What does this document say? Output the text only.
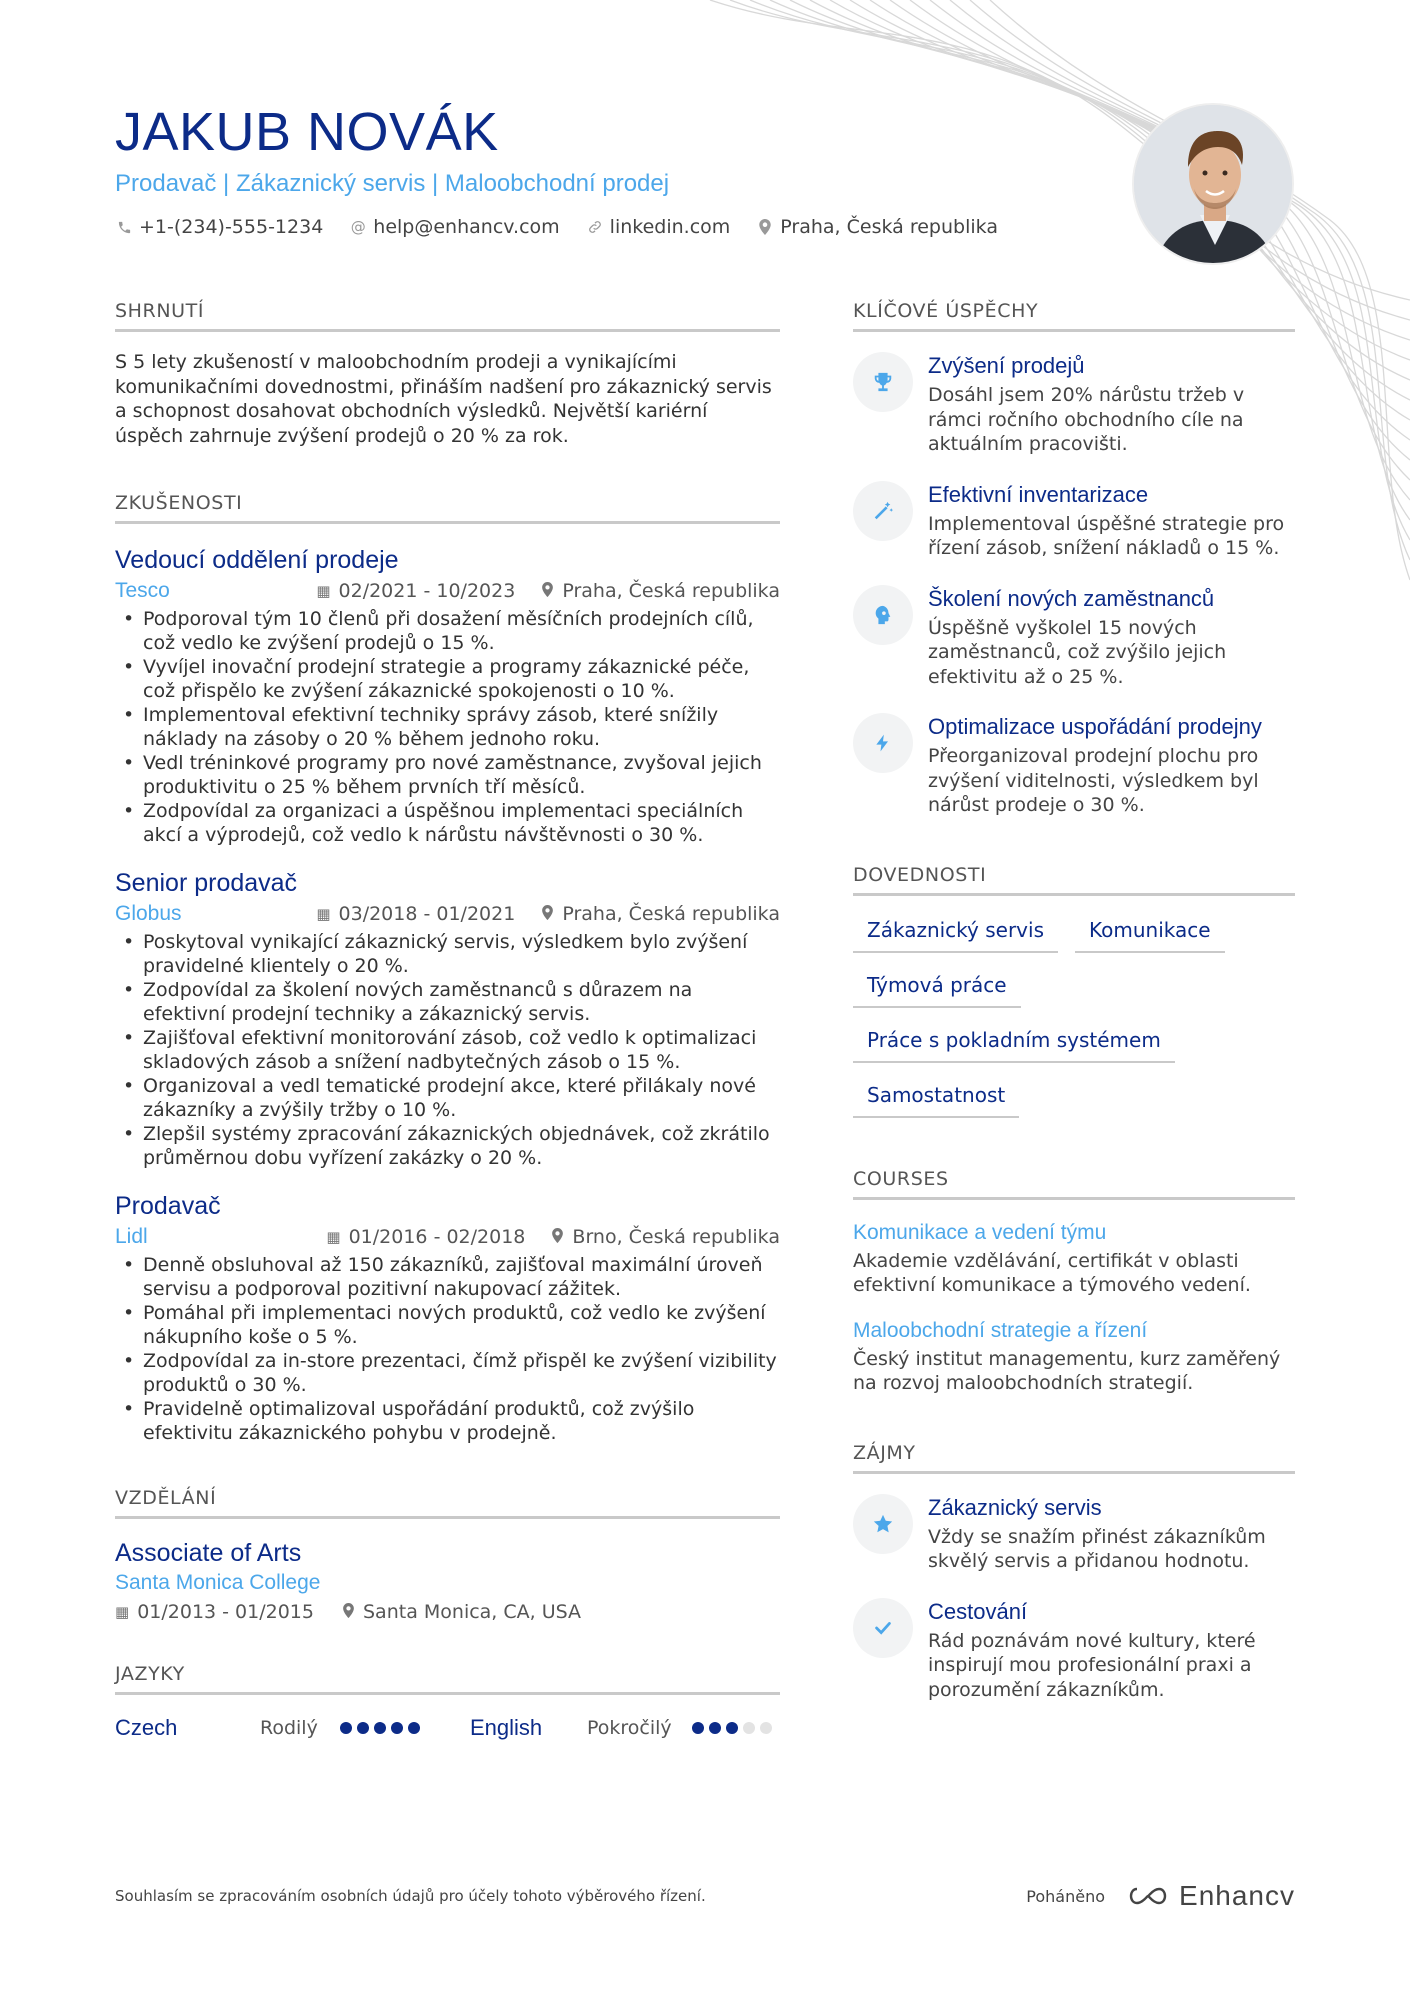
JAKUB NOVÁK
Prodavač | Zákaznický servis | Maloobchodní prodej
+1-(234)-555-1234 @ help@enhancv.com	linkedin.com	Praha, Česká republika
SHRNUTÍ
S 5 lety zkušeností v maloobchodním prodeji a vynikajícími komunikačními dovednostmi, přináším nadšení pro zákaznický servis a schopnost dosahovat obchodních výsledků. Největší kariérní úspěch zahrnuje zvýšení prodejů o 20 % za rok.
ZKUŠENOSTI
Vedoucí oddělení prodeje
Tesco	▦ 02/2021 - 10/2023 Praha, Česká republika
• Podporoval tým 10 členů při dosažení měsíčních prodejních cílů, což vedlo ke zvýšení prodejů o 15 %.
• Vyvíjel inovační prodejní strategie a programy zákaznické péče, což přispělo ke zvýšení zákaznické spokojenosti o 10 %.
• Implementoval efektivní techniky správy zásob, které snížily náklady na zásoby o 20 % během jednoho roku.
• Vedl tréninkové programy pro nové zaměstnance, zvyšoval jejich produktivitu o 25 % během prvních tří měsíců.
• Zodpovídal za organizaci a úspěšnou implementaci speciálních akcí a výprodejů, což vedlo k nárůstu návštěvnosti o 30 %.
Senior prodavač
Globus	▦ 03/2018 - 01/2021 Praha, Česká republika
• Poskytoval vynikající zákaznický servis, výsledkem bylo zvýšení pravidelné klientely o 20 %.
• Zodpovídal za školení nových zaměstnanců s důrazem na efektivní prodejní techniky a zákaznický servis.
• Zajišťoval efektivní monitorování zásob, což vedlo k optimalizaci skladových zásob a snížení nadbytečných zásob o 15 %.
• Organizoval a vedl tematické prodejní akce, které přilákaly nové zákazníky a zvýšily tržby o 10 %.
• Zlepšil systémy zpracování zákaznických objednávek, což zkrátilo průměrnou dobu vyřízení zakázky o 20 %.
Prodavač
Lidl	▦ 01/2016 - 02/2018 Brno, Česká republika
• Denně obsluhoval až 150 zákazníků, zajišťoval maximální úroveň servisu a podporoval pozitivní nakupovací zážitek.
• Pomáhal při implementaci nových produktů, což vedlo ke zvýšení nákupního koše o 5 %.
• Zodpovídal za in-store prezentaci, čímž přispěl ke zvýšení vizibility produktů o 30 %.
• Pravidelně optimalizoval uspořádání produktů, což zvýšilo efektivitu zákaznického pohybu v prodejně.
VZDĚLÁNÍ
Associate of Arts
Santa Monica College
▦ 01/2013 - 01/2015	Santa Monica, CA, USA
JAZYKY
Czech	Rodilý	English	Pokročilý
KLÍČOVÉ ÚSPĚCHY
Zvýšení prodejů
Dosáhl jsem 20% nárůstu tržeb v rámci ročního obchodního cíle na aktuálním pracovišti.
Efektivní inventarizace
Implementoval úspěšné strategie pro řízení zásob, snížení nákladů o 15 %.
Školení nových zaměstnanců
Úspěšně vyškolel 15 nových zaměstnanců, což zvýšilo jejich efektivitu až o 25 %.
Optimalizace uspořádání prodejny
Přeorganizoval prodejní plochu pro zvýšení viditelnosti, výsledkem byl nárůst prodeje o 30 %.
DOVEDNOSTI
Zákaznický servis	Komunikace
Týmová práce
Práce s pokladním systémem
Samostatnost
COURSES
Komunikace a vedení týmu
Akademie vzdělávání, certifikát v oblasti efektivní komunikace a týmového vedení.
Maloobchodní strategie a řízení
Český institut managementu, kurz zaměřený na rozvoj maloobchodních strategií.
ZÁJMY
Zákaznický servis
Vždy se snažím přinést zákazníkům skvělý servis a přidanou hodnotu.
Cestování
Rád poznávám nové kultury, které inspirují mou profesionální praxi a porozumění zákazníkům.
Souhlasím se zpracováním osobních údajů pro účely tohoto výběrového řízení.	Poháněno	Enhancv
